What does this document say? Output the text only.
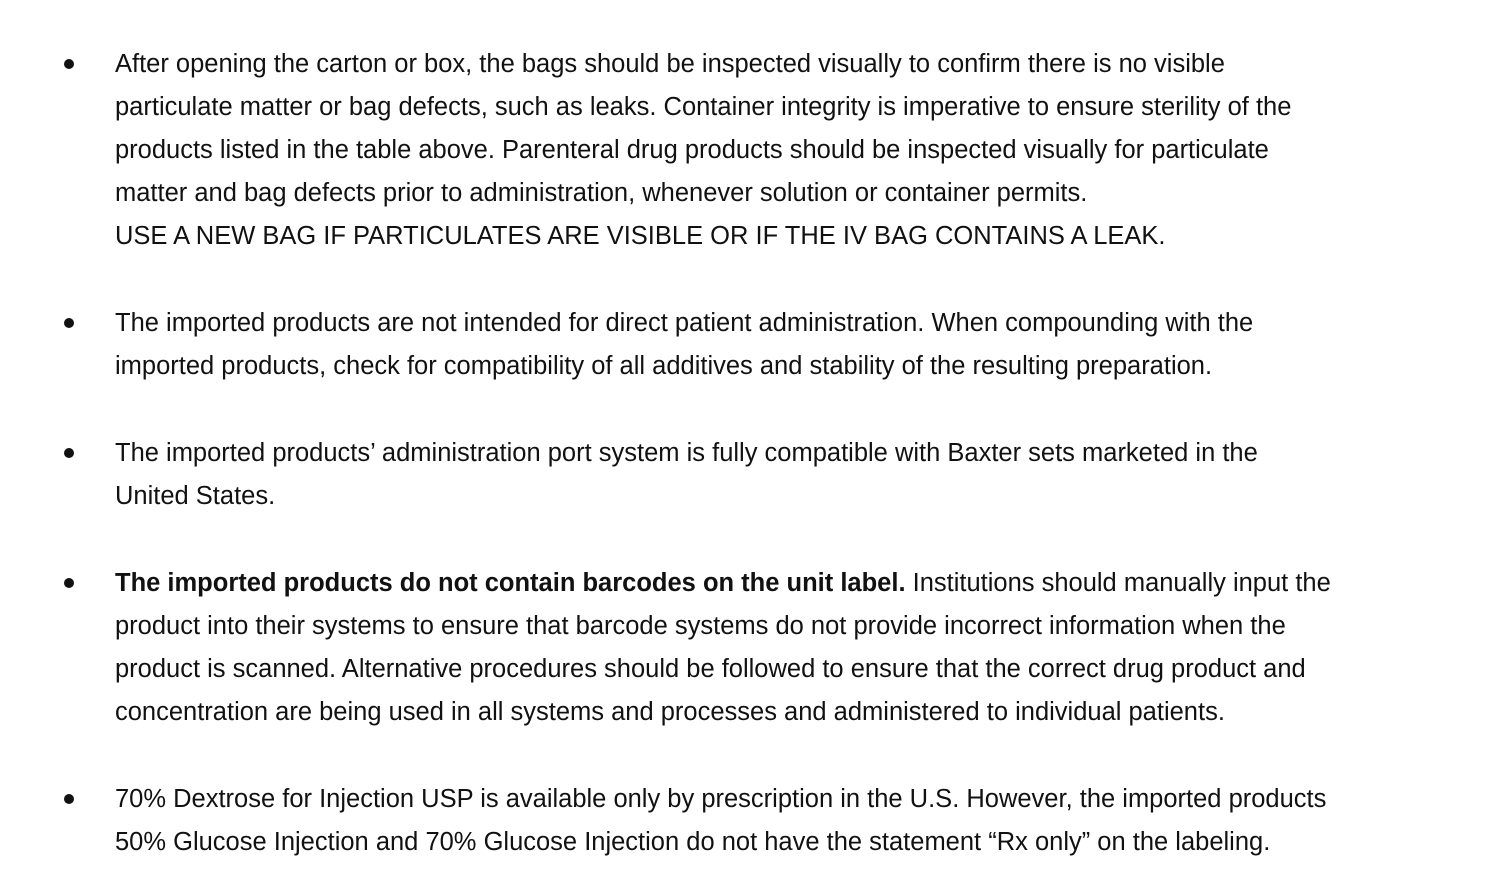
After opening the carton or box, the bags should be inspected visually to confirm there is no visible
particulate matter or bag defects, such as leaks. Container integrity is imperative to ensure sterility of the
products listed in the table above. Parenteral drug products should be inspected visually for particulate
matter and bag defects prior to administration, whenever solution or container permits.
USE A NEW BAG IF PARTICULATES ARE VISIBLE OR IF THE IV BAG CONTAINS A LEAK.
The imported products are not intended for direct patient administration. When compounding with the
imported products, check for compatibility of all additives and stability of the resulting preparation.
The imported products’ administration port system is fully compatible with Baxter sets marketed in the
United States.
The imported products do not contain barcodes on the unit label. Institutions should manually input the
product into their systems to ensure that barcode systems do not provide incorrect information when the
product is scanned. Alternative procedures should be followed to ensure that the correct drug product and
concentration are being used in all systems and processes and administered to individual patients.
70% Dextrose for Injection USP is available only by prescription in the U.S. However, the imported products
50% Glucose Injection and 70% Glucose Injection do not have the statement “Rx only” on the labeling.
